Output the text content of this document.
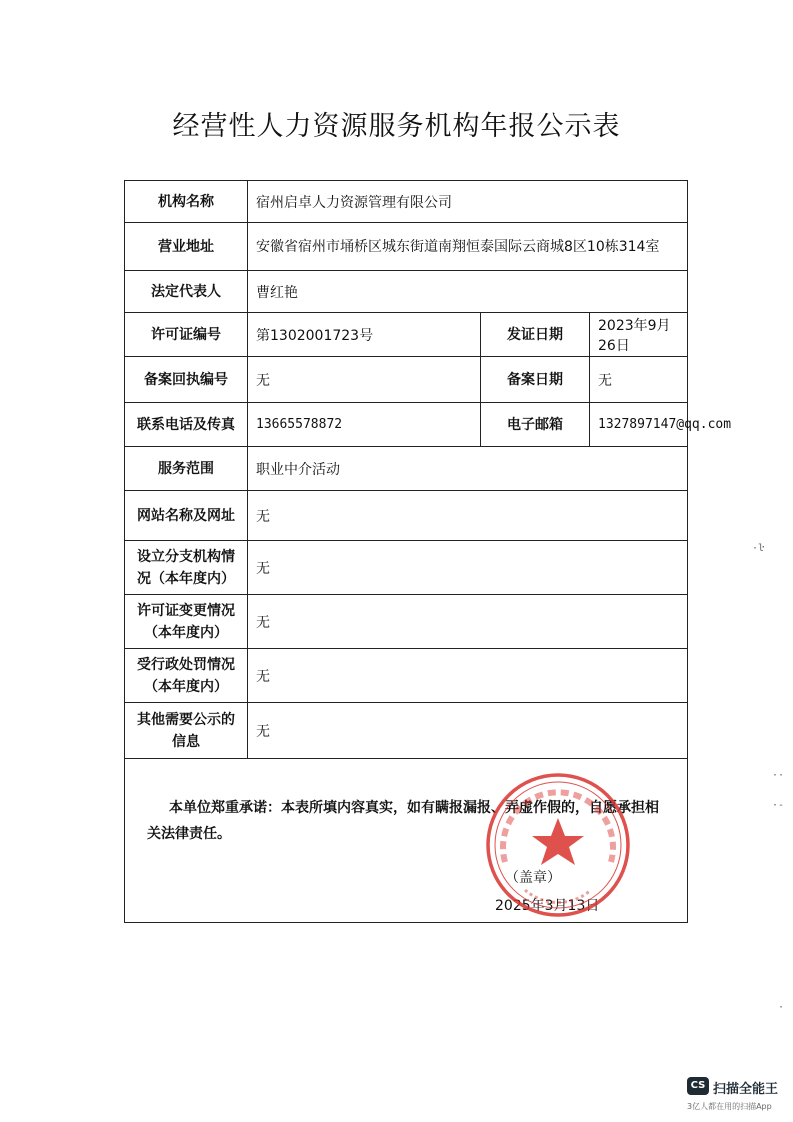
经营性人力资源服务机构年报公示表
机构名称	宿州启卓人力资源管理有限公司		
营业地址	安徽省宿州市埇桥区城东街道南翔恒泰国际云商城8区10栋314室		
法定代表人	曹红艳		
许可证编号	第1302001723号	发证日期	2023年9月26日
备案回执编号	无	备案日期	无
联系电话及传真	13665578872	电子邮箱	1327897147@qq.com
服务范围	职业中介活动		
网站名称及网址	无		
设立分支机构情
况（本年度内）	无		
许可证变更情况
（本年度内）	无		
受行政处罚情况
（本年度内）	无		
其他需要公示的
信息	无		

本单位郑重承诺：本表所填内容真实，如有瞒报漏报、弄虚作假的，自愿承担相关法律责任。
（盖章）
2025年3月13日			
·ŀ
··
·‐
·
CS 扫描全能王
3亿人都在用的扫描App
